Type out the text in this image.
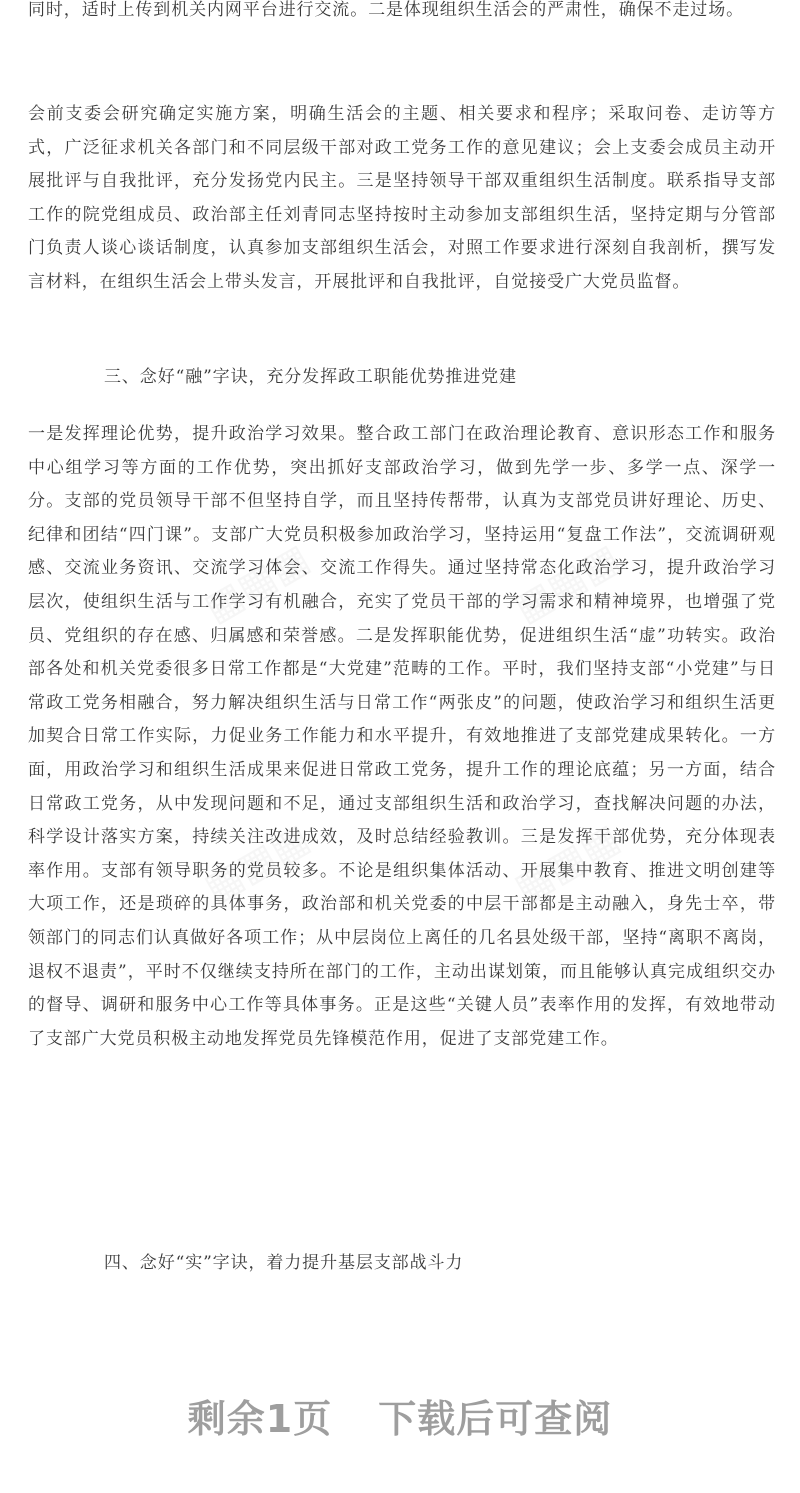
同时，适时上传到机关内网平台进行交流。二是体现组织生活会的严肃性，确保不走过场。

会前支委会研究确定实施方案，明确生活会的主题、相关要求和程序；采取问卷、走访等方式，广泛征求机关各部门和不同层级干部对政工党务工作的意见建议；会上支委会成员主动开展批评与自我批评，充分发扬党内民主。三是坚持领导干部双重组织生活制度。联系指导支部工作的院党组成员、政治部主任刘青同志坚持按时主动参加支部组织生活，坚持定期与分管部门负责人谈心谈话制度，认真参加支部组织生活会，对照工作要求进行深刻自我剖析，撰写发言材料，在组织生活会上带头发言，开展批评和自我批评，自觉接受广大党员监督。

三、念好“融”字诀，充分发挥政工职能优势推进党建

一是发挥理论优势，提升政治学习效果。整合政工部门在政治理论教育、意识形态工作和服务中心组学习等方面的工作优势，突出抓好支部政治学习，做到先学一步、多学一点、深学一分。支部的党员领导干部不但坚持自学，而且坚持传帮带，认真为支部党员讲好理论、历史、纪律和团结“四门课”。支部广大党员积极参加政治学习，坚持运用“复盘工作法”，交流调研观感、交流业务资讯、交流学习体会、交流工作得失。通过坚持常态化政治学习，提升政治学习层次，使组织生活与工作学习有机融合，充实了党员干部的学习需求和精神境界，也增强了党员、党组织的存在感、归属感和荣誉感。二是发挥职能优势，促进组织生活“虚”功转实。政治部各处和机关党委很多日常工作都是“大党建”范畴的工作。平时，我们坚持支部“小党建”与日常政工党务相融合，努力解决组织生活与日常工作“两张皮”的问题，使政治学习和组织生活更加契合日常工作实际，力促业务工作能力和水平提升，有效地推进了支部党建成果转化。一方面，用政治学习和组织生活成果来促进日常政工党务，提升工作的理论底蕴；另一方面，结合日常政工党务，从中发现问题和不足，通过支部组织生活和政治学习，查找解决问题的办法，科学设计落实方案，持续关注改进成效，及时总结经验教训。三是发挥干部优势，充分体现表率作用。支部有领导职务的党员较多。不论是组织集体活动、开展集中教育、推进文明创建等大项工作，还是琐碎的具体事务，政治部和机关党委的中层干部都是主动融入，身先士卒，带领部门的同志们认真做好各项工作；从中层岗位上离任的几名县处级干部，坚持“离职不离岗，退权不退责”，平时不仅继续支持所在部门的工作，主动出谋划策，而且能够认真完成组织交办的督导、调研和服务中心工作等具体事务。正是这些“关键人员”表率作用的发挥，有效地带动了支部广大党员积极主动地发挥党员先锋模范作用，促进了支部党建工作。

四、念好“实”字诀，着力提升基层支部战斗力

剩余1页 下载后可查阅
